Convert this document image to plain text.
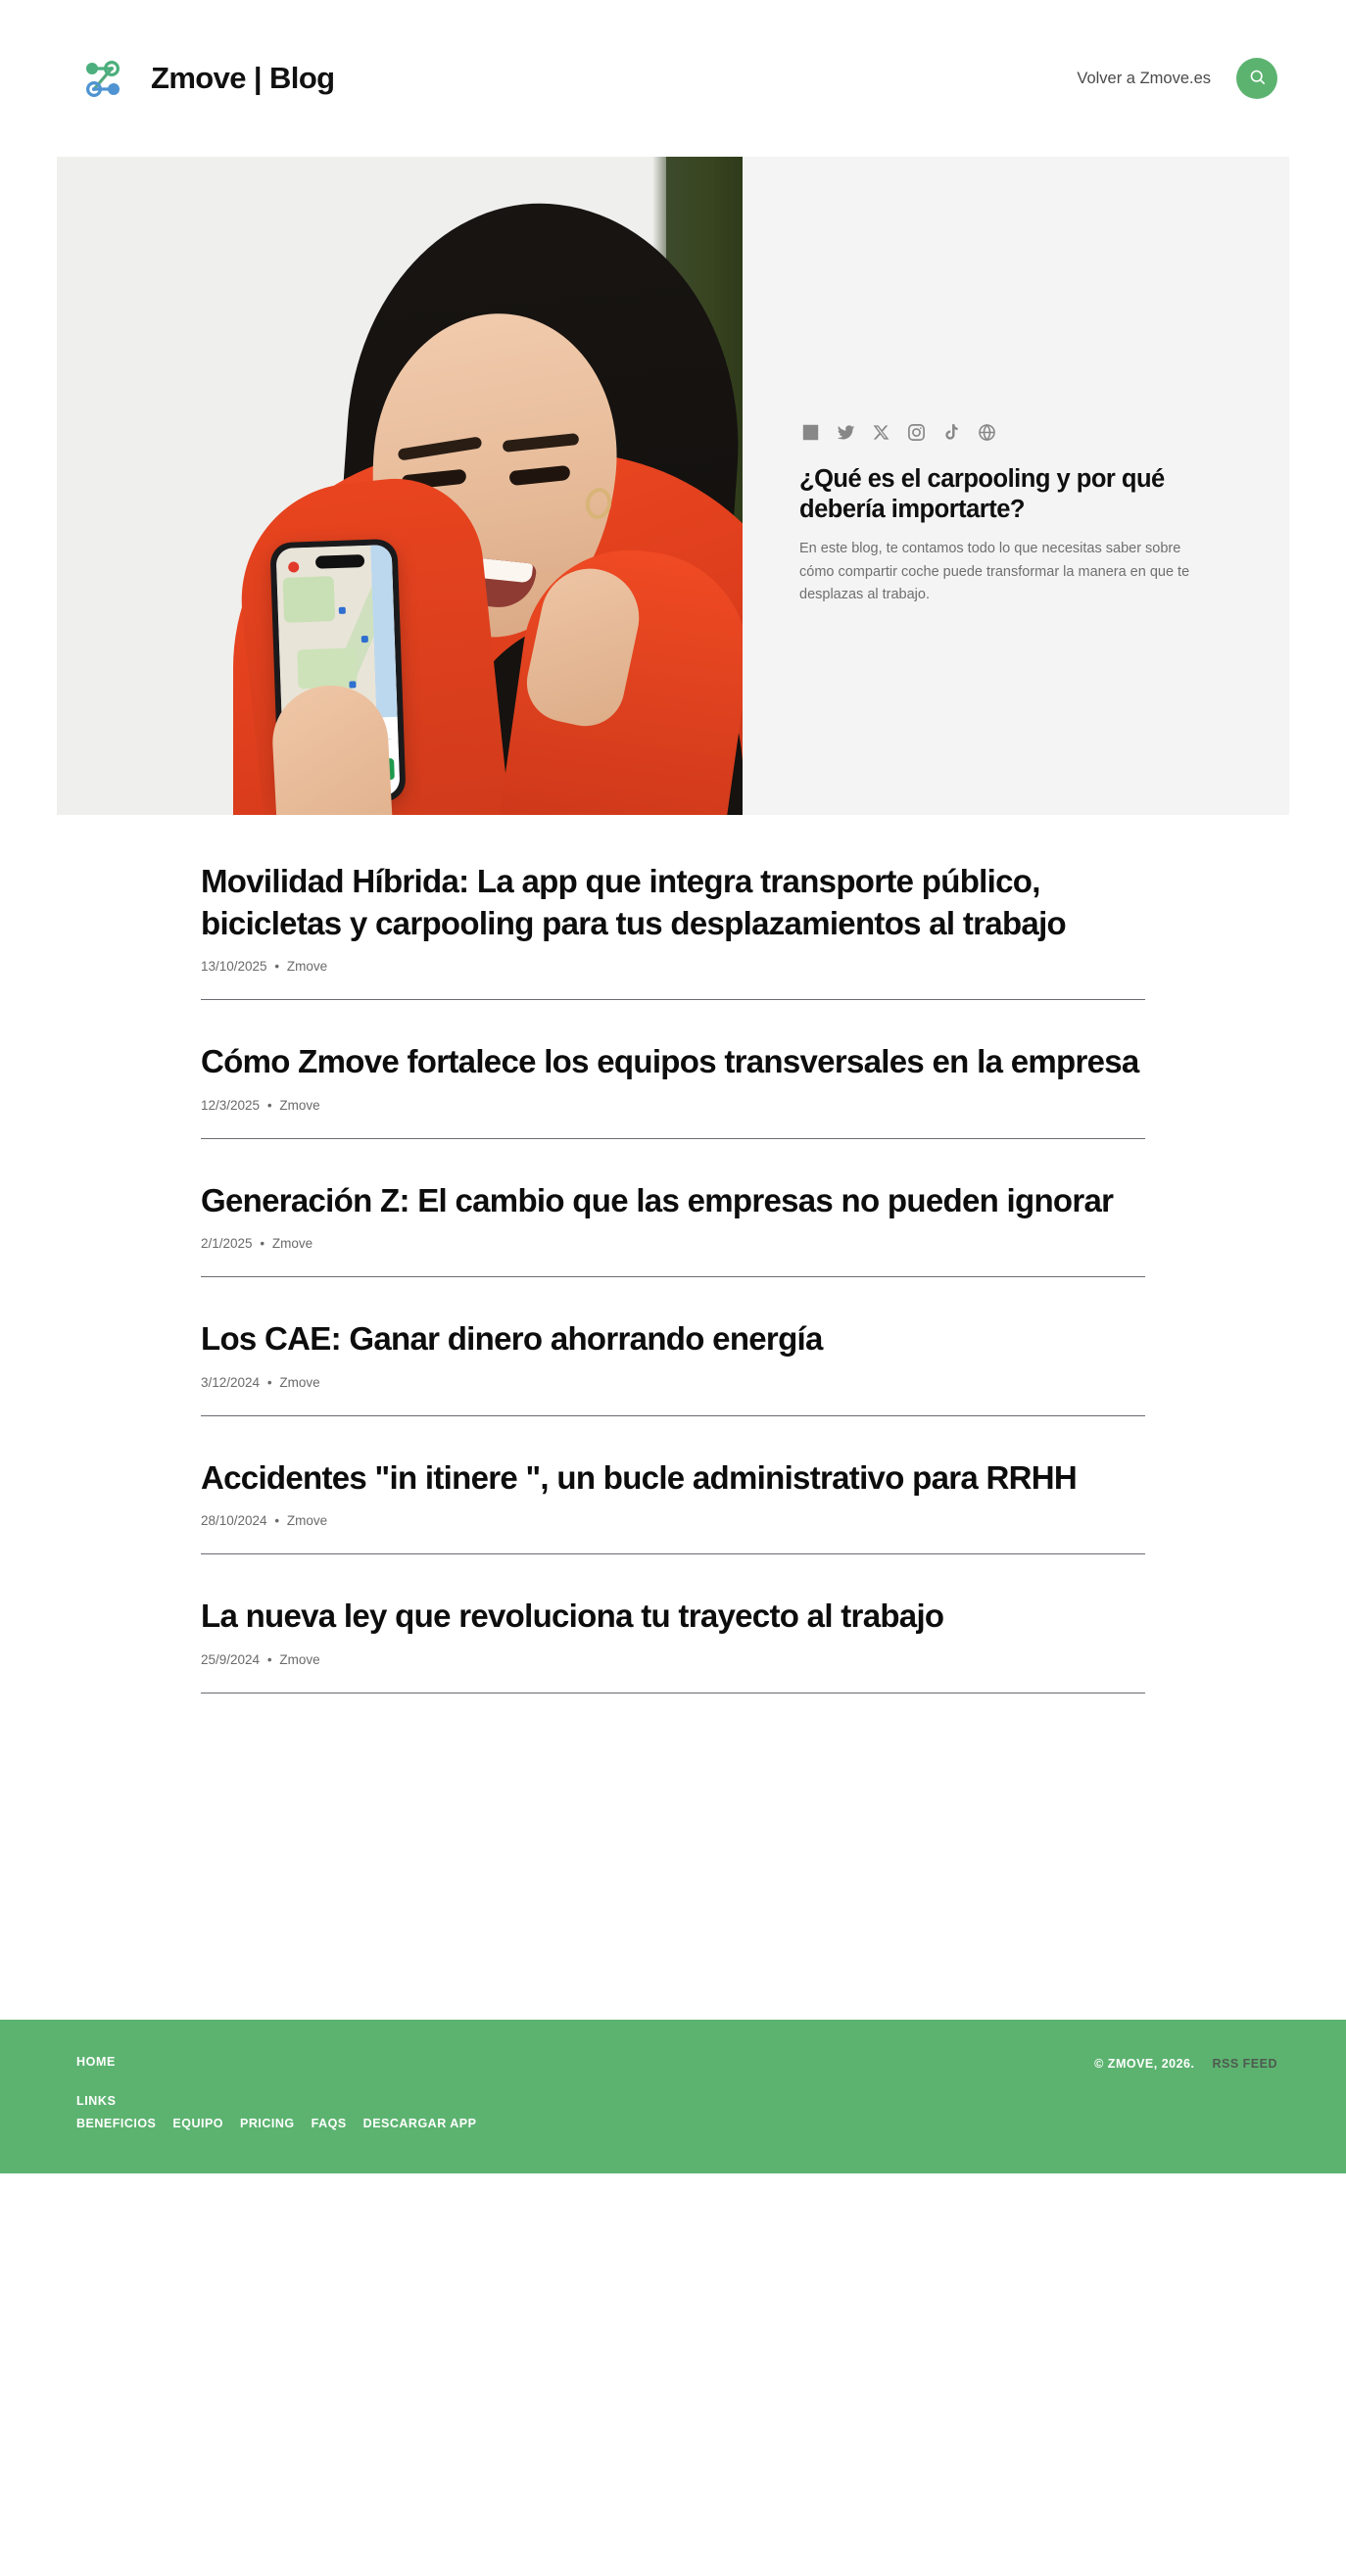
Zmove | Blog	Volver a Zmove.es
¿Qué es el carpooling y por qué debería importarte?

En este blog, te contamos todo lo que necesitas saber sobre cómo compartir coche puede transformar la manera en que te desplazas al trabajo.

Movilidad Híbrida: La app que integra transporte público, bicicletas y carpooling para tus desplazamientos al trabajo
13/10/2025 • Zmove
Cómo Zmove fortalece los equipos transversales en la empresa
12/3/2025 • Zmove
Generación Z: El cambio que las empresas no pueden ignorar
2/1/2025 • Zmove
Los CAE: Ganar dinero ahorrando energía
3/12/2024 • Zmove
Accidentes "in itinere ", un bucle administrativo para RRHH
28/10/2024 • Zmove
La nueva ley que revoluciona tu trayecto al trabajo
25/9/2024 • Zmove
HOME	© ZMOVE, 2026. RSS FEED
LINKS
BENEFICIOS EQUIPO PRICING FAQS DESCARGAR APP
